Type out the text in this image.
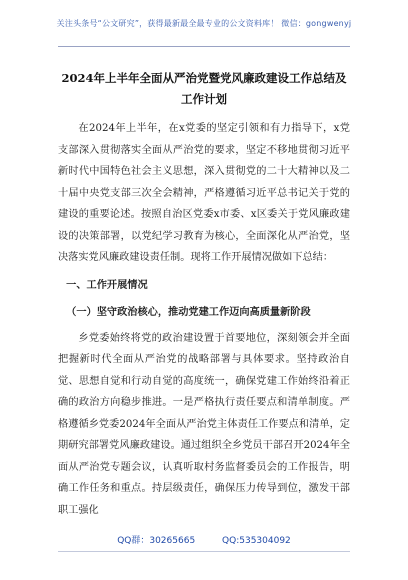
关注头条号“公文研究”，获得最新最全最专业的公文资料库！ 微信：gongwenyj
2024年上半年全面从严治党暨党风廉政建设工作总结及工作计划

在2024年上半年，在x党委的坚定引领和有力指导下，x党支部深入贯彻落实全面从严治党的要求，坚定不移地贯彻习近平新时代中国特色社会主义思想，深入贯彻党的二十大精神以及二十届中央党支部三次全会精神，严格遵循习近平总书记关于党的建设的重要论述。按照自治区党委x市委、x区委关于党风廉政建设的决策部署，以党纪学习教育为核心，全面深化从严治党，坚决落实党风廉政建设责任制。现将工作开展情况做如下总结：

一、工作开展情况
（一）坚守政治核心，推动党建工作迈向高质量新阶段

乡党委始终将党的政治建设置于首要地位，深刻领会并全面把握新时代全面从严治党的战略部署与具体要求。坚持政治自觉、思想自觉和行动自觉的高度统一，确保党建工作始终沿着正确的政治方向稳步推进。一是严格执行责任要点和清单制度。严格遵循乡党委2024年全面从严治党主体责任工作要点和清单，定期研究部署党风廉政建设。通过组织全乡党员干部召开2024年全面从严治党专题会议，认真听取村务监督委员会的工作报告，明确工作任务和重点。持层级责任，确保压力传导到位，激发干部职工强化

QQ群：30265665	QQ:535304092
